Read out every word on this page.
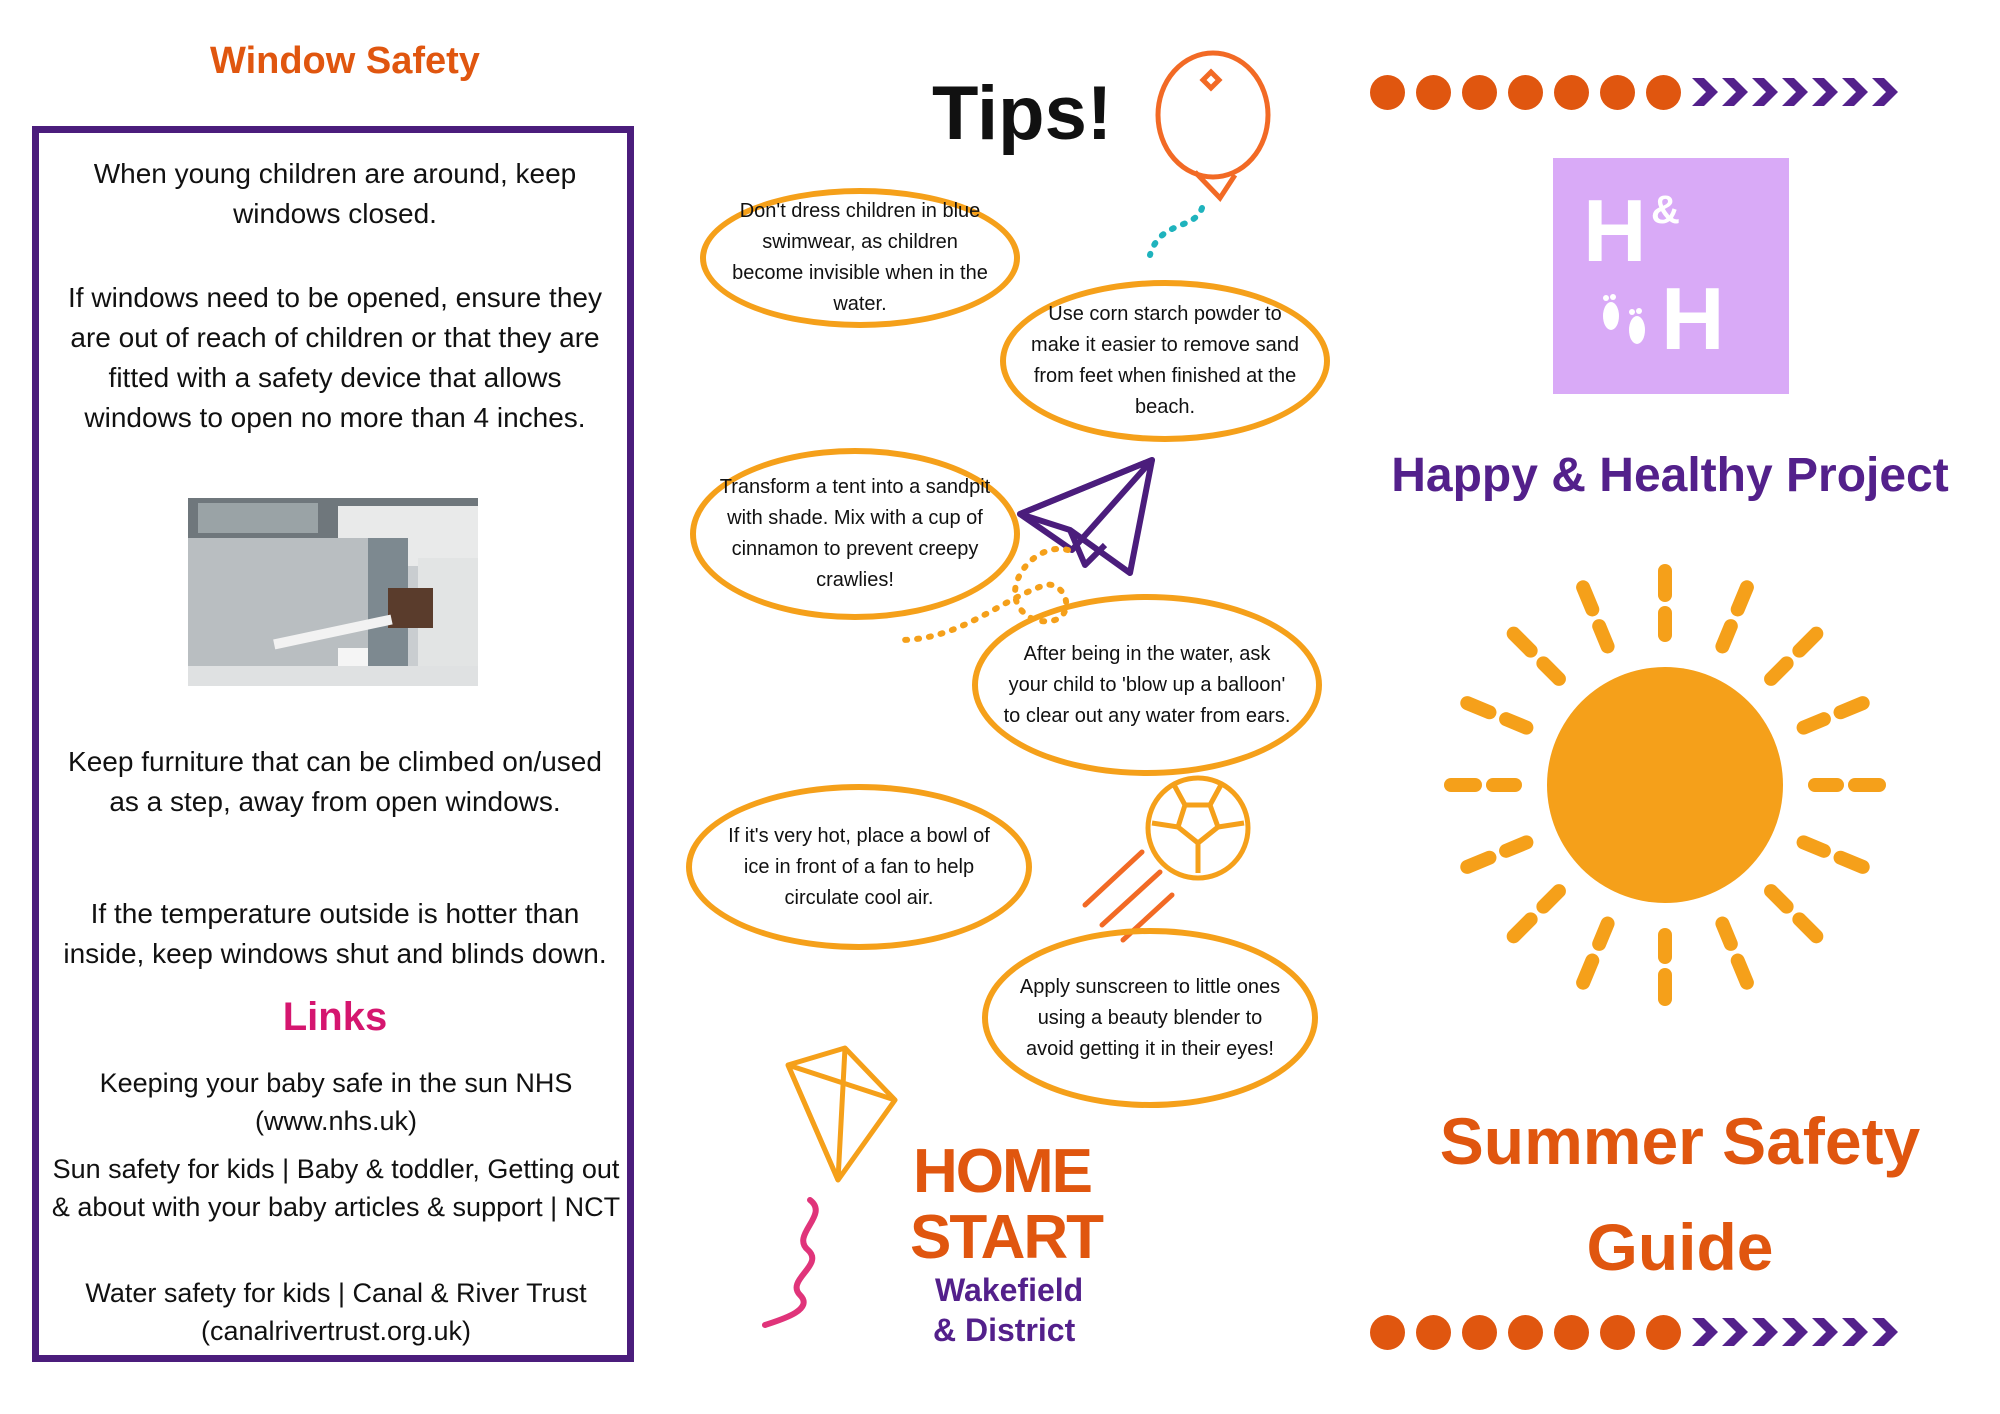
Window Safety
When young children are around, keep windows closed.
If windows need to be opened, ensure they are out of reach of children or that they are fitted with a safety device that allows windows to open no more than 4 inches.
Keep furniture that can be climbed on/used as a step, away from open windows.
If the temperature outside is hotter than inside, keep windows shut and blinds down.
Links
Keeping your baby safe in the sun NHS (www.nhs.uk)
Sun safety for kids | Baby & toddler, Getting out & about with your baby articles & support | NCT
Water safety for kids | Canal & River Trust (canalrivertrust.org.uk)
Tips!
Don't dress children in blue swimwear, as children become invisible when in the water.	Use corn starch powder to make it easier to remove sand from feet when finished at the beach.
Transform a tent into a sandpit with shade. Mix with a cup of cinnamon to prevent creepy crawlies!
After being in the water, ask your child to 'blow up a balloon' to clear out any water from ears.
If it's very hot, place a bowl of ice in front of a fan to help circulate cool air.
Apply sunscreen to little ones using a beauty blender to avoid getting it in their eyes!
HOME
START
Wakefield
& District
H &
H
Happy & Healthy Project
Summer Safety
Guide
